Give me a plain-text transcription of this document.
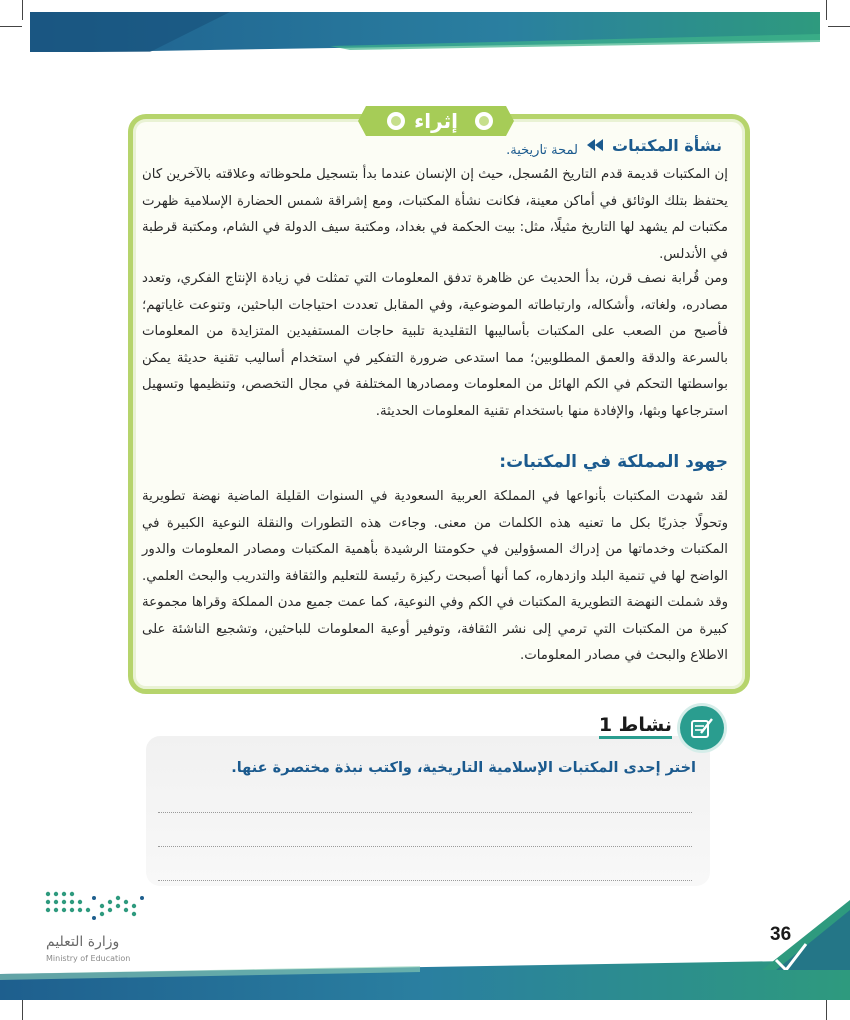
إثراء
نشأة المكتبات
لمحة تاريخية.

إن المكتبات قديمة قدم التاريخ المُسجل، حيث إن الإنسان عندما بدأ بتسجيل ملحوظاته وعلاقته بالآخرين كان يحتفظ بتلك الوثائق في أماكن معينة، فكانت نشأة المكتبات، ومع إشراقة شمس الحضارة الإسلامية ظهرت مكتبات لم يشهد لها التاريخ مثيلًا، مثل: بيت الحكمة في بغداد، ومكتبة سيف الدولة في الشام، ومكتبة قرطبة في الأندلس.

ومن قُرابة نصف قرن، بدأ الحديث عن ظاهرة تدفق المعلومات التي تمثلت في زيادة الإنتاج الفكري، وتعدد مصادره، ولغاته، وأشكاله، وارتباطاته الموضوعية، وفي المقابل تعددت احتياجات الباحثين، وتنوعت غاياتهم؛ فأصبح من الصعب على المكتبات بأساليبها التقليدية تلبية حاجات المستفيدين المتزايدة من المعلومات بالسرعة والدقة والعمق المطلوبين؛ مما استدعى ضرورة التفكير في استخدام أساليب تقنية حديثة يمكن بواسطتها التحكم في الكم الهائل من المعلومات ومصادرها المختلفة في مجال التخصص، وتنظيمها وتسهيل استرجاعها وبثها، والإفادة منها باستخدام تقنية المعلومات الحديثة.

جهود المملكة في المكتبات:

لقد شهدت المكتبات بأنواعها في المملكة العربية السعودية في السنوات القليلة الماضية نهضة تطويرية وتحولًا جذريًا بكل ما تعنيه هذه الكلمات من معنى. وجاءت هذه التطورات والنقلة النوعية الكبيرة في المكتبات وخدماتها من إدراك المسؤولين في حكومتنا الرشيدة بأهمية المكتبات ومصادر المعلومات والدور الواضح لها في تنمية البلد وازدهاره، كما أنها أصبحت ركيزة رئيسة للتعليم والثقافة والتدريب والبحث العلمي. وقد شملت النهضة التطويرية المكتبات في الكم وفي النوعية، كما عمت جميع مدن المملكة وقراها مجموعة كبيرة من المكتبات التي ترمي إلى نشر الثقافة، وتوفير أوعية المعلومات للباحثين، وتشجيع الناشئة على الاطلاع والبحث في مصادر المعلومات.

نشاط 1
اختر إحدى المكتبات الإسلامية التاريخية، واكتب نبذة مختصرة عنها.
وزارة التعليم
Ministry of Education
36
